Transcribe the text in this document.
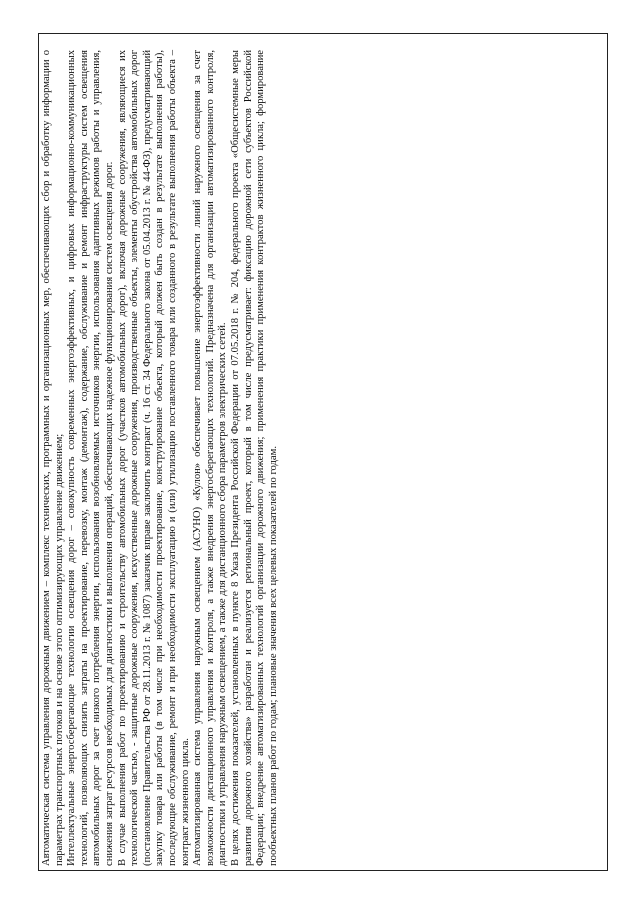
Автоматическая система управления дорожным движением – комплекс технических, программных и организационных мер, обеспечивающих сбор и обработку информации о параметрах транспортных потоков и на основе этого оптимизирующих управление движением; Интеллектуальные энергосберегающие технологии освещения дорог – совокупность современных энергоэффективных, и цифровых информационно-коммуникационных технологий, позволяющих снизить затраты на проектирование, перевозку, монтаж (демонтаж), содержание, обслуживание и ремонт инфраструктуры систем освещения автомобильных дорог за счет низкого потребления энергии, использования возобновляемых источников энергии, использования адаптивных режимов работы и управления, снижения затрат ресурсов необходимых для диагностики и выполнения операций, обеспечивающих надежное функционирования систем освещения дорог. В случае выполнения работ по проектированию и строительству автомобильных дорог (участков автомобильных дорог), включая дорожные сооружения, являющиеся их технологической частью, - защитные дорожные сооружения, искусственные дорожные сооружения, производственные объекты, элементы обустройства автомобильных дорог (постановление Правительства РФ от 28.11.2013 г. № 1087) заказчик вправе заключить контракт (ч. 16 ст. 34 Федерального закона от 05.04.2013 г. № 44-ФЗ), предусматривающий закупку товара или работы (в том числе при необходимости проектирование, конструирование объекта, который должен быть создан в результате выполнения работы), последующие обслуживание, ремонт и при необходимости эксплуатацию и (или) утилизацию поставленного товара или созданного в результате выполнения работы объекта – контракт жизненного цикла. Автоматизированная система управления наружным освещением (АСУНО) «Кулон» обеспечивает повышение энергоэффективности линий наружного освещения за счет возможности дистанционного управления и контроля, а также внедрения энергосберегающих технологий. Предназначена для организации автоматизированного контроля, диагностики и управления наружным освещением, а также для дистанционного сбора параметров электрических сетей. В целях достижения показателей, установленных в пункте 8 Указа Президента Российской Федерации от 07.05.2018 г. № 204, федерального проекта «Общесистемные меры развития дорожного хозяйства» разработан и реализуется региональный проект, который в том числе предусматривает: фиксацию дорожной сети субъектов Российской Федерации; внедрение автоматизированных технологий организации дорожного движения; применения практики применения контрактов жизненного цикла; формирование пообъектных планов работ по годам; плановые значения всех целевых показателей по годам.
